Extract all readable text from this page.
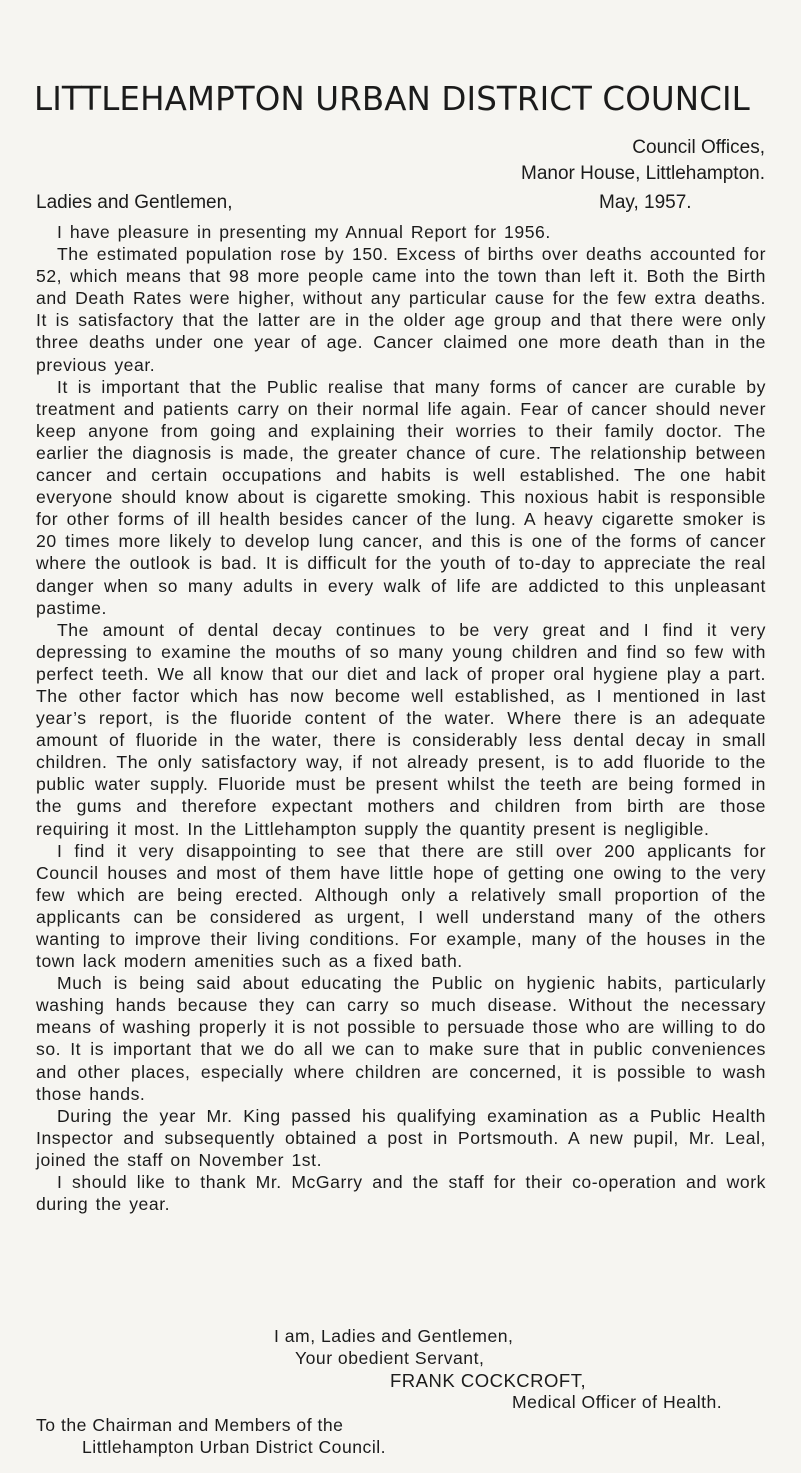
LITTLEHAMPTON URBAN DISTRICT COUNCIL
Council Offices,
Manor House, Littlehampton.
Ladies and Gentlemen,	May, 1957.

I have pleasure in presenting my Annual Report for 1956.

The estimated population rose by 150. Excess of births over deaths accounted for 52, which means that 98 more people came into the town than left it. Both the Birth and Death Rates were higher, without any particular cause for the few extra deaths. It is satisfactory that the latter are in the older age group and that there were only three deaths under one year of age. Cancer claimed one more death than in the previous year.

It is important that the Public realise that many forms of cancer are curable by treatment and patients carry on their normal life again. Fear of cancer should never keep anyone from going and explaining their worries to their family doctor. The earlier the diagnosis is made, the greater chance of cure. The relationship between cancer and certain occupations and habits is well established. The one habit everyone should know about is cigarette smoking. This noxious habit is responsible for other forms of ill health besides cancer of the lung. A heavy cigarette smoker is 20 times more likely to develop lung cancer, and this is one of the forms of cancer where the outlook is bad. It is difficult for the youth of to-day to appreciate the real danger when so many adults in every walk of life are addicted to this unpleasant pastime.

The amount of dental decay continues to be very great and I find it very depressing to examine the mouths of so many young children and find so few with perfect teeth. We all know that our diet and lack of proper oral hygiene play a part. The other factor which has now become well established, as I mentioned in last year’s report, is the fluoride content of the water. Where there is an adequate amount of fluoride in the water, there is considerably less dental decay in small children. The only satisfactory way, if not already present, is to add fluoride to the public water supply. Fluoride must be present whilst the teeth are being formed in the gums and therefore expectant mothers and children from birth are those requiring it most. In the Littlehampton supply the quantity present is negligible.

I find it very disappointing to see that there are still over 200 applicants for Council houses and most of them have little hope of getting one owing to the very few which are being erected. Although only a relatively small proportion of the applicants can be considered as urgent, I well understand many of the others wanting to improve their living conditions. For example, many of the houses in the town lack modern amenities such as a fixed bath.

Much is being said about educating the Public on hygienic habits, particularly washing hands because they can carry so much disease. Without the necessary means of washing properly it is not possible to persuade those who are willing to do so. It is important that we do all we can to make sure that in public conveniences and other places, especially where children are concerned, it is possible to wash those hands.

During the year Mr. King passed his qualifying examination as a Public Health Inspector and subsequently obtained a post in Portsmouth. A new pupil, Mr. Leal, joined the staff on November 1st.

I should like to thank Mr. McGarry and the staff for their co-operation and work during the year.

I am, Ladies and Gentlemen,
Your obedient Servant,
FRANK COCKCROFT,
Medical Officer of Health.
To the Chairman and Members of the
Littlehampton Urban District Council.
